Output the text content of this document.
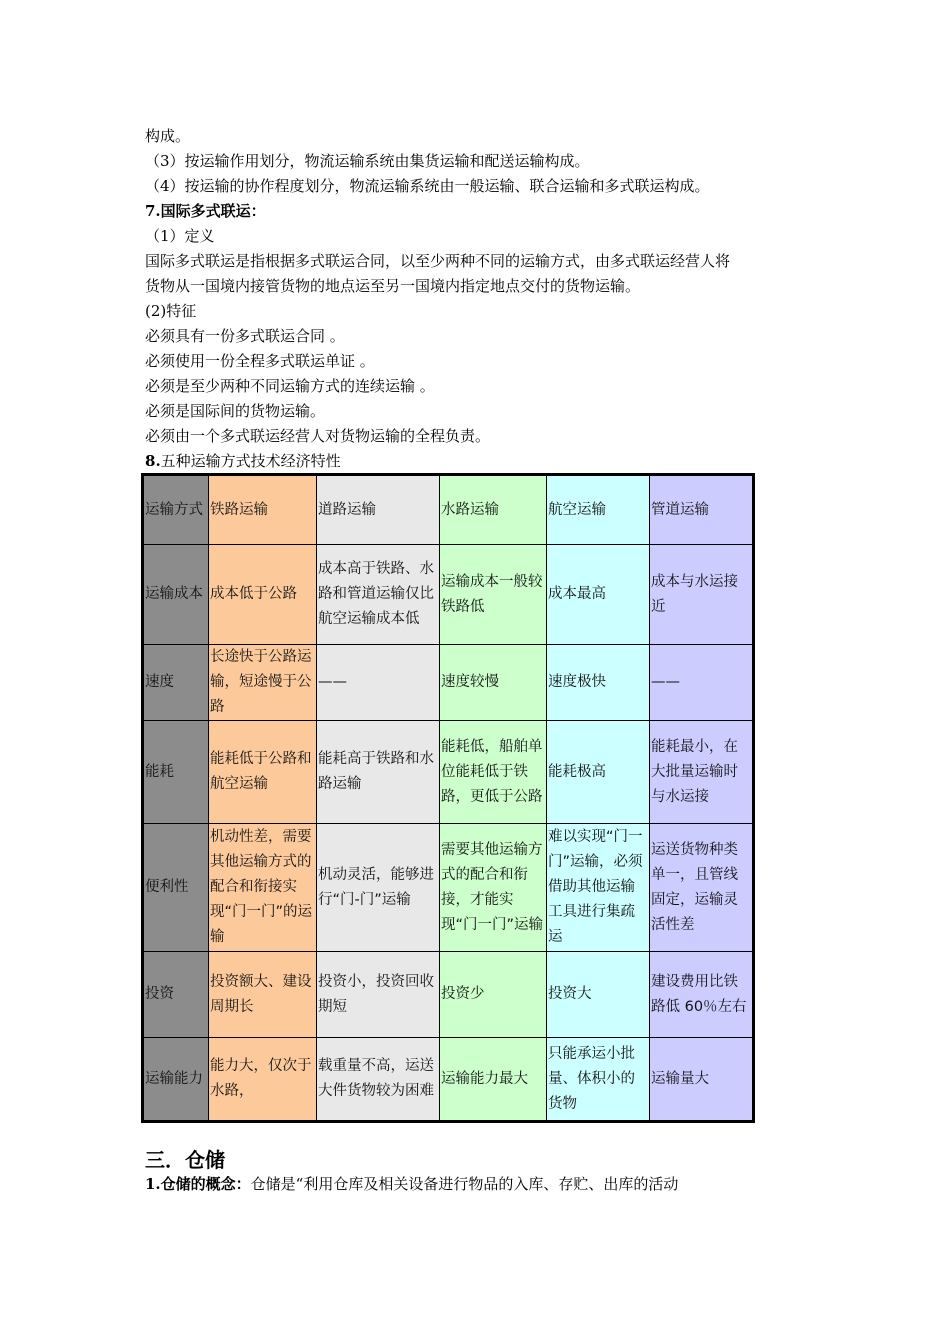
构成。
（3）按运输作用划分，物流运输系统由集货运输和配送运输构成。
（4）按运输的协作程度划分，物流运输系统由一般运输、联合运输和多式联运构成。
7.国际多式联运：
（1）定义
国际多式联运是指根据多式联运合同，以至少两种不同的运输方式，由多式联运经营人将
货物从一国境内接管货物的地点运至另一国境内指定地点交付的货物运输。
(2)特征
必须具有一份多式联运合同 。
必须使用一份全程多式联运单证 。
必须是至少两种不同运输方式的连续运输 。
必须是国际间的货物运输。
必须由一个多式联运经营人对货物运输的全程负责。
8.五种运输方式技术经济特性
运输方式	铁路运输	道路运输	水路运输	航空运输	管道运输
运输成本	成本低于公路	成本高于铁路、水路和管道运输仅比航空运输成本低	运输成本一般较铁路低	成本最高	成本与水运接近
速度	长途快于公路运输，短途慢于公路	——	速度较慢	速度极快	——
能耗	能耗低于公路和航空运输	能耗高于铁路和水路运输	能耗低，船舶单位能耗低于铁路，更低于公路	能耗极高	能耗最小，在大批量运输时与水运接
便利性	机动性差，需要其他运输方式的配合和衔接实现“门一门”的运输	机动灵活，能够进行“门-门”运输	需要其他运输方式的配合和衔接，才能实现“门一门”运输	难以实现“门一门”运输，必须借助其他运输工具进行集疏运	运送货物种类单一，且管线固定，运输灵活性差
投资	投资额大、建设周期长	投资小，投资回收期短	投资少	投资大	建设费用比铁路低 60％左右
运输能力	能力大，仅次于水路，	载重量不高，运送大件货物较为困难	运输能力最大	只能承运小批量、体积小的货物	运输量大
三．仓储
1.仓储的概念：仓储是“利用仓库及相关设备进行物品的入库、存贮、出库的活动
